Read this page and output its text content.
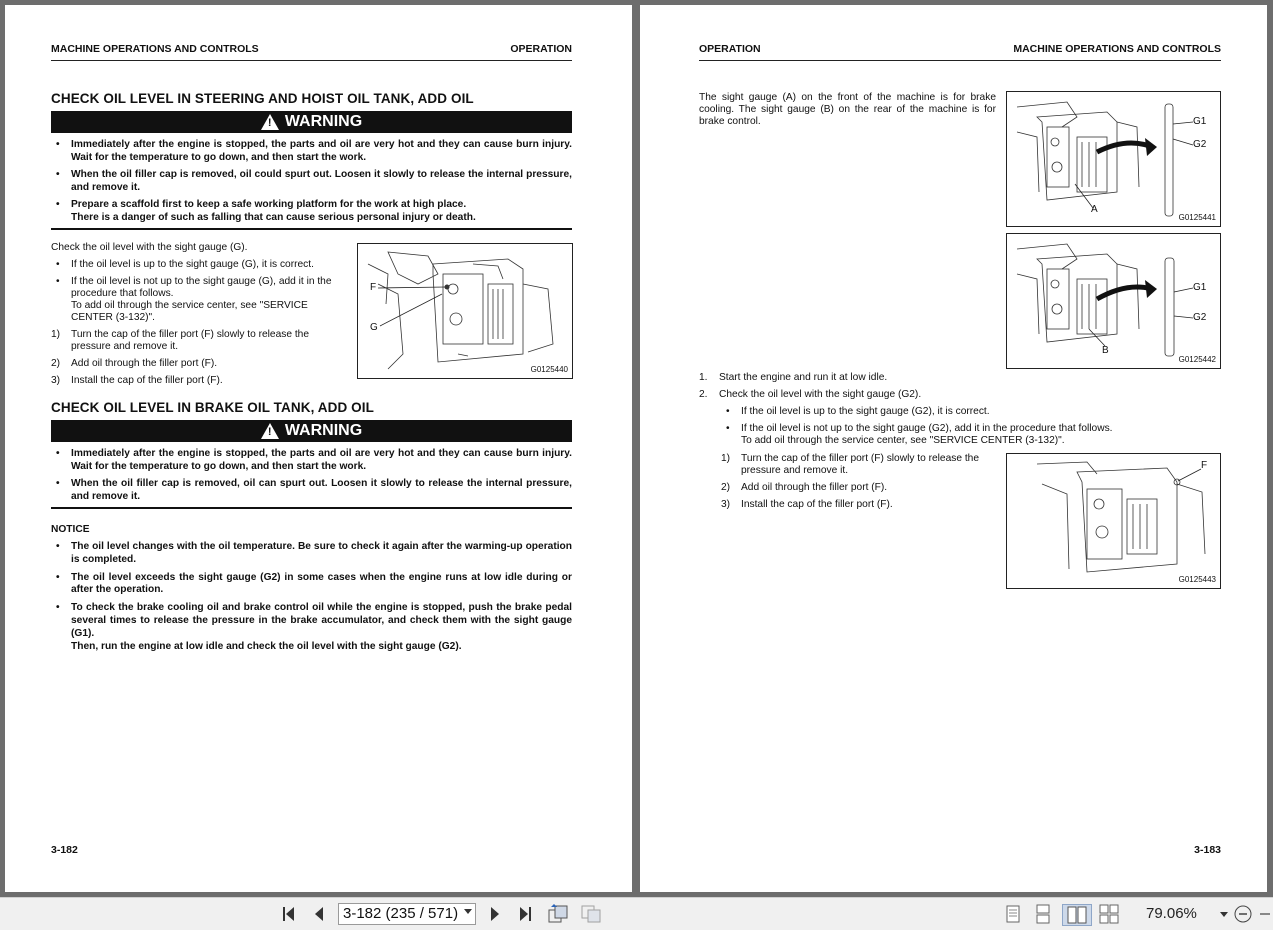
MACHINE OPERATIONS AND CONTROLS	OPERATION
CHECK OIL LEVEL IN STEERING AND HOIST OIL TANK, ADD OIL
!
WARNING
• Immediately after the engine is stopped, the parts and oil are very hot and they can cause burn injury. Wait for the temperature to go down, and then start the work.
• When the oil filler cap is removed, oil could spurt out. Loosen it slowly to release the internal pressure, and remove it.
• Prepare a scaffold first to keep a safe working platform for the work at high place.
There is a danger of such as falling that can cause serious personal injury or death.
Check the oil level with the sight gauge (G).
• If the oil level is up to the sight gauge (G), it is correct.
• If the oil level is not up to the sight gauge (G), add it in the procedure that follows.
To add oil through the service center, see "SERVICE CENTER (3-132)".
1) Turn the cap of the filler port (F) slowly to release the pressure and remove it.
2) Add oil through the filler port (F).
3) Install the cap of the filler port (F).
F
G
G0125440
CHECK OIL LEVEL IN BRAKE OIL TANK, ADD OIL
!
WARNING
• Immediately after the engine is stopped, the parts and oil are very hot and they can cause burn injury. Wait for the temperature to go down, and then start the work.
• When the oil filler cap is removed, oil can spurt out. Loosen it slowly to release the internal pressure, and remove it.
NOTICE
• The oil level changes with the oil temperature. Be sure to check it again after the warming-up operation is completed.
• The oil level exceeds the sight gauge (G2) in some cases when the engine runs at low idle during or after the operation.
• To check the brake cooling oil and brake control oil while the engine is stopped, push the brake pedal several times to release the pressure in the brake accumulator, and check them with the sight gauge (G1).
Then, run the engine at low idle and check the oil level with the sight gauge (G2).
3-182
OPERATION	MACHINE OPERATIONS AND CONTROLS
The sight gauge (A) on the front of the machine is for brake cooling. The sight gauge (B) on the rear of the machine is for brake control.	G1
G2
A
G0125441
G1
G2
B
G0125442
1. Start the engine and run it at low idle.
2. Check the oil level with the sight gauge (G2).
• If the oil level is up to the sight gauge (G2), it is correct.
• If the oil level is not up to the sight gauge (G2), add it in the procedure that follows.
To add oil through the service center, see "SERVICE CENTER (3-132)".
1) Turn the cap of the filler port (F) slowly to release the pressure and remove it.
2) Add oil through the filler port (F).
3) Install the cap of the filler port (F).
F
G0125443
3-183
3-182 (235 / 571)	79.06%
